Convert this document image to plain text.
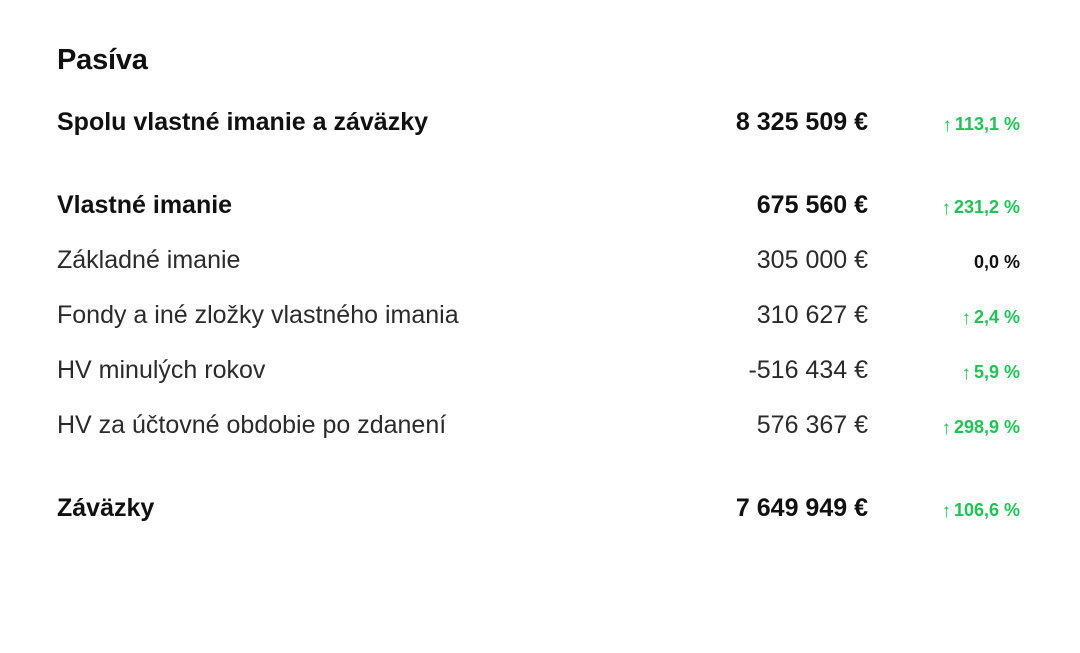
Pasíva
Spolu vlastné imanie a záväzky	8 325 509 €	↑ 113,1 %
Vlastné imanie	675 560 €	↑ 231,2 %
Základné imanie	305 000 €	0,0 %
Fondy a iné zložky vlastného imania	310 627 €	↑ 2,4 %
HV minulých rokov	-516 434 €	↑ 5,9 %
HV za účtovné obdobie po zdanení	576 367 €	↑ 298,9 %
Záväzky	7 649 949 €	↑ 106,6 %
